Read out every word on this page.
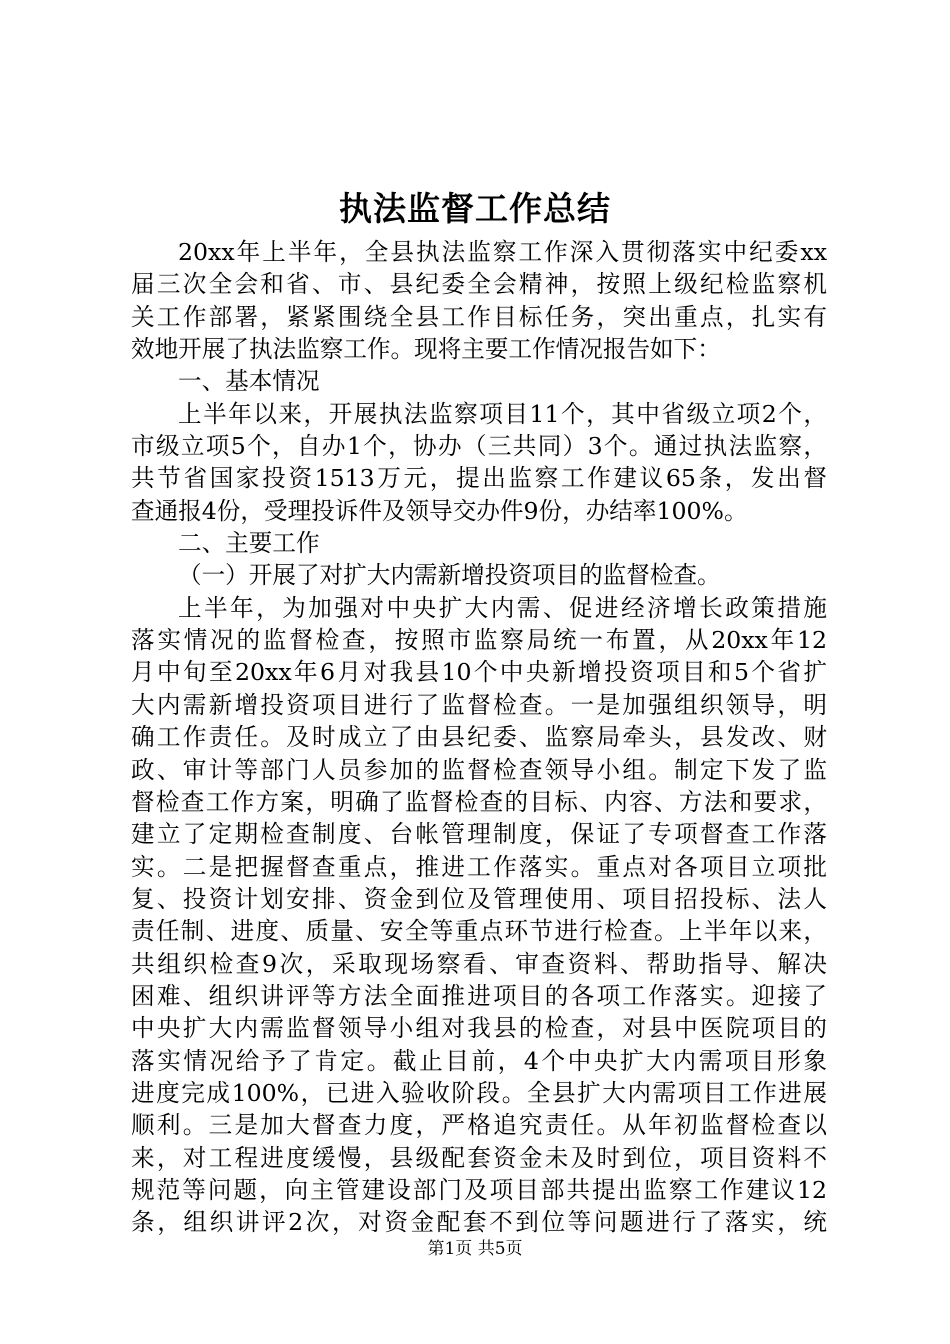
执法监督工作总结
20xx年上半年，全县执法监察工作深入贯彻落实中纪委xx
届三次全会和省、市、县纪委全会精神，按照上级纪检监察机
关工作部署，紧紧围绕全县工作目标任务，突出重点，扎实有
效地开展了执法监察工作。现将主要工作情况报告如下：
一、基本情况
上半年以来，开展执法监察项目11个，其中省级立项2个，
市级立项5个，自办1个，协办（三共同）3个。通过执法监察，
共节省国家投资1513万元，提出监察工作建议65条，发出督
查通报4份，受理投诉件及领导交办件9份，办结率100%。
二、主要工作
（一）开展了对扩大内需新增投资项目的监督检查。
上半年，为加强对中央扩大内需、促进经济增长政策措施
落实情况的监督检查，按照市监察局统一布置，从20xx年12
月中旬至20xx年6月对我县10个中央新增投资项目和5个省扩
大内需新增投资项目进行了监督检查。一是加强组织领导，明
确工作责任。及时成立了由县纪委、监察局牵头，县发改、财
政、审计等部门人员参加的监督检查领导小组。制定下发了监
督检查工作方案，明确了监督检查的目标、内容、方法和要求，
建立了定期检查制度、台帐管理制度，保证了专项督查工作落
实。二是把握督查重点，推进工作落实。重点对各项目立项批
复、投资计划安排、资金到位及管理使用、项目招投标、法人
责任制、进度、质量、安全等重点环节进行检查。上半年以来，
共组织检查9次，采取现场察看、审查资料、帮助指导、解决
困难、组织讲评等方法全面推进项目的各项工作落实。迎接了
中央扩大内需监督领导小组对我县的检查，对县中医院项目的
落实情况给予了肯定。截止目前，4个中央扩大内需项目形象
进度完成100%，已进入验收阶段。全县扩大内需项目工作进展
顺利。三是加大督查力度，严格追究责任。从年初监督检查以
来，对工程进度缓慢，县级配套资金未及时到位，项目资料不
规范等问题，向主管建设部门及项目部共提出监察工作建议12
条，组织讲评2次，对资金配套不到位等问题进行了落实，统
第1页 共5页
